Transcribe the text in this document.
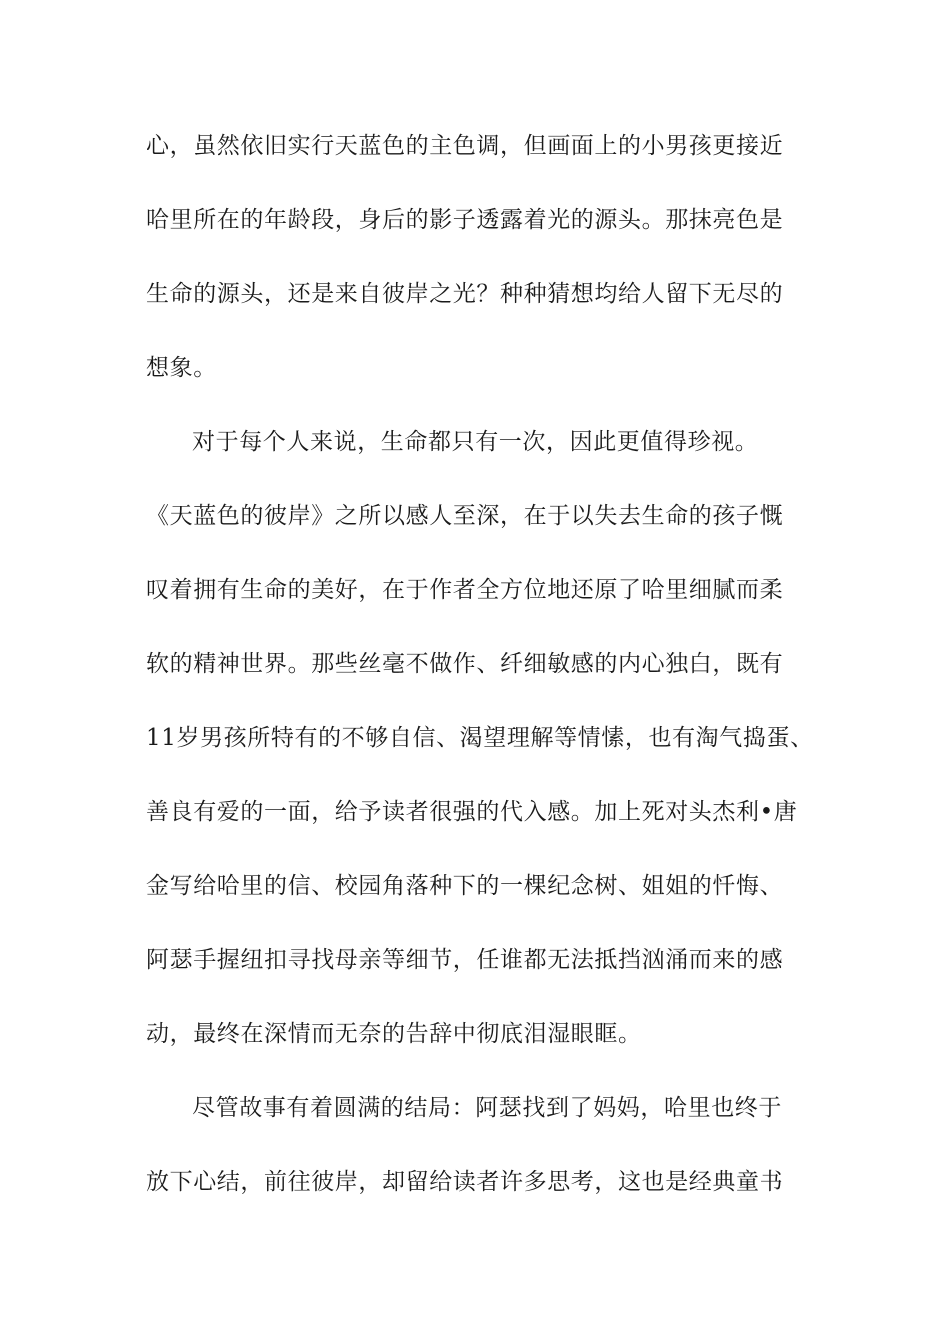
心，虽然依旧实行天蓝色的主色调，但画面上的小男孩更接近
哈里所在的年龄段，身后的影子透露着光的源头。那抹亮色是
生命的源头，还是来自彼岸之光？种种猜想均给人留下无尽的
想象。
对于每个人来说，生命都只有一次，因此更值得珍视。
《天蓝色的彼岸》之所以感人至深，在于以失去生命的孩子慨
叹着拥有生命的美好，在于作者全方位地还原了哈里细腻而柔
软的精神世界。那些丝毫不做作、纤细敏感的内心独白，既有
11岁男孩所特有的不够自信、渴望理解等情愫，也有淘气捣蛋、
善良有爱的一面，给予读者很强的代入感。加上死对头杰利•唐
金写给哈里的信、校园角落种下的一棵纪念树、姐姐的忏悔、
阿瑟手握纽扣寻找母亲等细节，任谁都无法抵挡汹涌而来的感
动，最终在深情而无奈的告辞中彻底泪湿眼眶。
尽管故事有着圆满的结局：阿瑟找到了妈妈，哈里也终于
放下心结，前往彼岸，却留给读者许多思考，这也是经典童书
